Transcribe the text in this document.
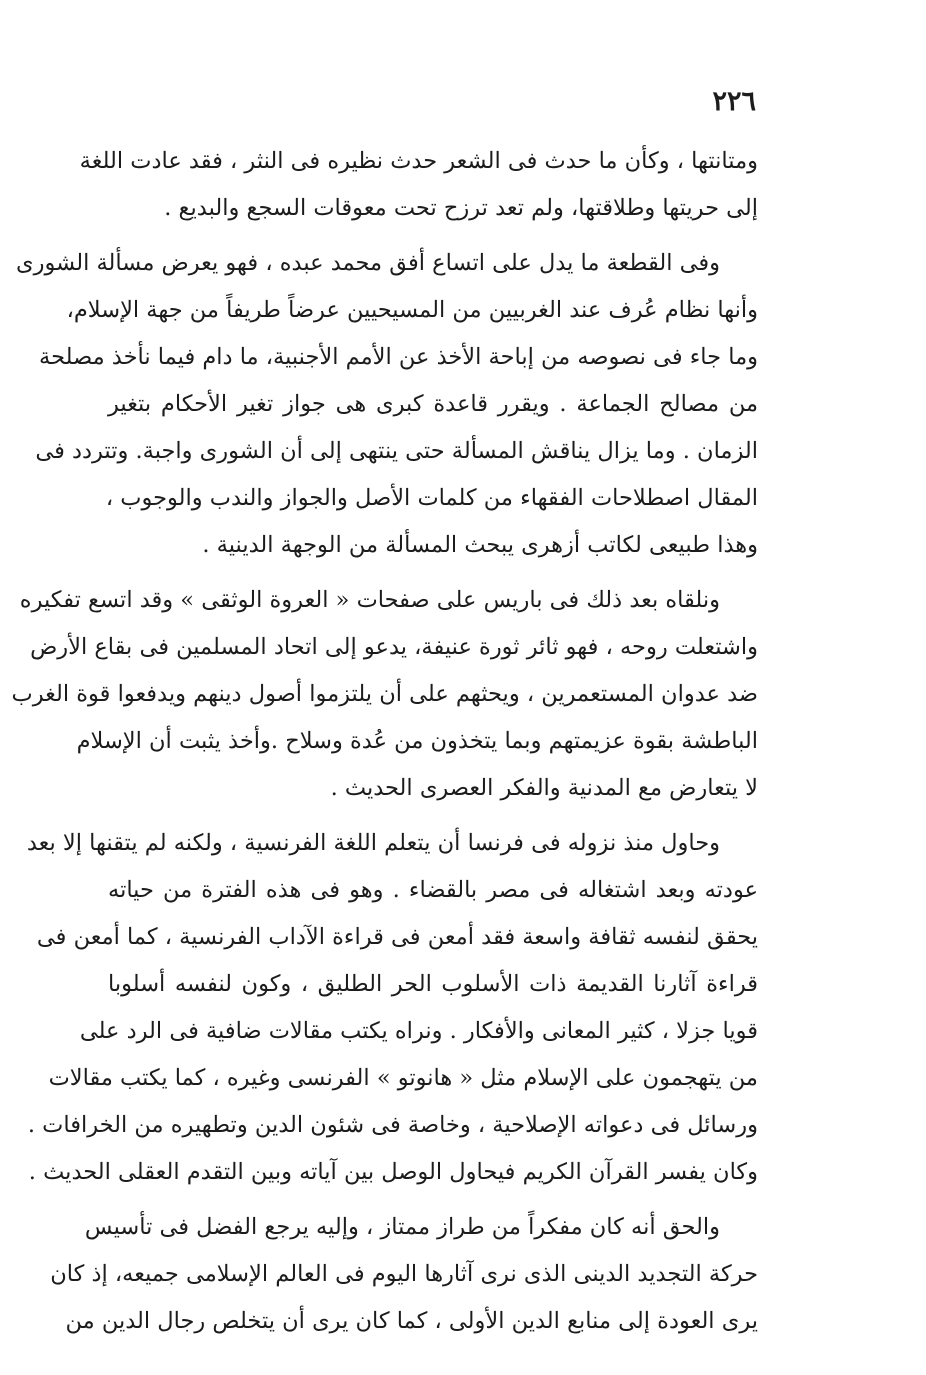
٢٢٦
ومتانتها ، وكأن ما حدث فى الشعر حدث نظيره فى النثر ، فقد عادت اللغة
إلى حريتها وطلاقتها، ولم تعد ترزح تحت معوقات السجع والبديع .
وفى القطعة ما يدل على اتساع أفق محمد عبده ، فهو يعرض مسألة الشورى
وأنها نظام عُرف عند الغربيين من المسيحيين عرضاً طريفاً من جهة الإسلام،
وما جاء فى نصوصه من إباحة الأخذ عن الأمم الأجنبية، ما دام فيما نأخذ مصلحة
من مصالح الجماعة . ويقرر قاعدة كبرى هى جواز تغير الأحكام بتغير
الزمان . وما يزال يناقش المسألة حتى ينتهى إلى أن الشورى واجبة. وتتردد فى
المقال اصطلاحات الفقهاء من كلمات الأصل والجواز والندب والوجوب ،
وهذا طبيعى لكاتب أزهرى يبحث المسألة من الوجهة الدينية .
ونلقاه بعد ذلك فى باريس على صفحات « العروة الوثقى » وقد اتسع تفكيره
واشتعلت روحه ، فهو ثائر ثورة عنيفة، يدعو إلى اتحاد المسلمين فى بقاع الأرض
ضد عدوان المستعمرين ، ويحثهم على أن يلتزموا أصول دينهم ويدفعوا قوة الغرب
الباطشة بقوة عزيمتهم وبما يتخذون من عُدة وسلاح .وأخذ يثبت أن الإسلام
لا يتعارض مع المدنية والفكر العصرى الحديث .
وحاول منذ نزوله فى فرنسا أن يتعلم اللغة الفرنسية ، ولكنه لم يتقنها إلا بعد
عودته وبعد اشتغاله فى مصر بالقضاء . وهو فى هذه الفترة من حياته
يحقق لنفسه ثقافة واسعة فقد أمعن فى قراءة الآداب الفرنسية ، كما أمعن فى
قراءة آثارنا القديمة ذات الأسلوب الحر الطليق ، وكون لنفسه أسلوبا
قويا جزلا ، كثير المعانى والأفكار . ونراه يكتب مقالات ضافية فى الرد على
من يتهجمون على الإسلام مثل « هانوتو » الفرنسى وغيره ، كما يكتب مقالات
ورسائل فى دعواته الإصلاحية ، وخاصة فى شئون الدين وتطهيره من الخرافات .
وكان يفسر القرآن الكريم فيحاول الوصل بين آياته وبين التقدم العقلى الحديث .
والحق أنه كان مفكراً من طراز ممتاز ، وإليه يرجع الفضل فى تأسيس
حركة التجديد الدينى الذى نرى آثارها اليوم فى العالم الإسلامى جميعه، إذ كان
يرى العودة إلى منابع الدين الأولى ، كما كان يرى أن يتخلص رجال الدين من
